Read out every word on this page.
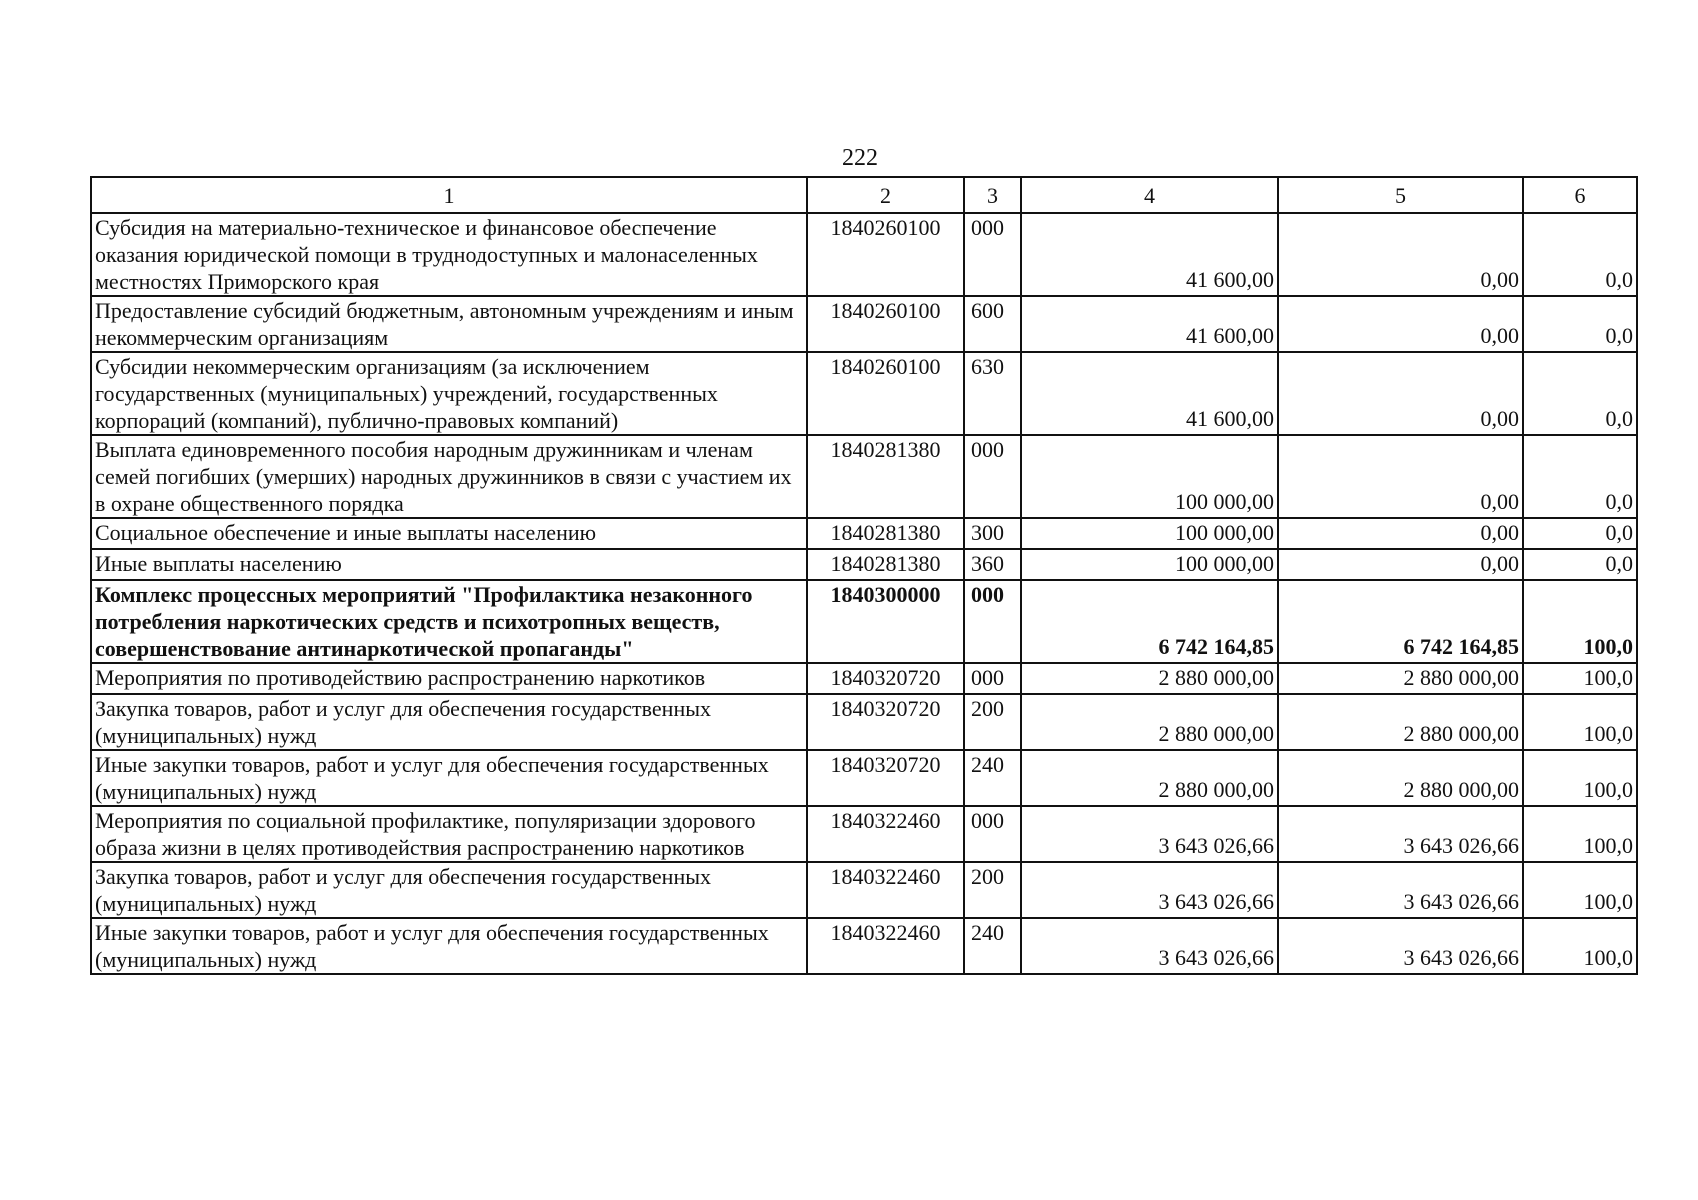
222
1	2	3	4	5	6
Субсидия на материально-техническое и финансовое обеспечение оказания юридической помощи в труднодоступных и малонаселенных местностях Приморского края	1840260100	000	41 600,00	0,00	0,0
Предоставление субсидий бюджетным, автономным учреждениям и иным некоммерческим организациям	1840260100	600	41 600,00	0,00	0,0
Субсидии некоммерческим организациям (за исключением государственных (муниципальных) учреждений, государственных корпораций (компаний), публично-правовых компаний)	1840260100	630	41 600,00	0,00	0,0
Выплата единовременного пособия народным дружинникам и членам семей погибших (умерших) народных дружинников в связи с участием их в охране общественного порядка	1840281380	000	100 000,00	0,00	0,0
Социальное обеспечение и иные выплаты населению	1840281380	300	100 000,00	0,00	0,0
Иные выплаты населению	1840281380	360	100 000,00	0,00	0,0
Комплекс процессных мероприятий "Профилактика незаконного потребления наркотических средств и психотропных веществ, совершенствование антинаркотической пропаганды"	1840300000	000	6 742 164,85	6 742 164,85	100,0
Мероприятия по противодействию распространению наркотиков	1840320720	000	2 880 000,00	2 880 000,00	100,0
Закупка товаров, работ и услуг для обеспечения государственных (муниципальных) нужд	1840320720	200	2 880 000,00	2 880 000,00	100,0
Иные закупки товаров, работ и услуг для обеспечения государственных (муниципальных) нужд	1840320720	240	2 880 000,00	2 880 000,00	100,0
Мероприятия по социальной профилактике, популяризации здорового образа жизни в целях противодействия распространению наркотиков	1840322460	000	3 643 026,66	3 643 026,66	100,0
Закупка товаров, работ и услуг для обеспечения государственных (муниципальных) нужд	1840322460	200	3 643 026,66	3 643 026,66	100,0
Иные закупки товаров, работ и услуг для обеспечения государственных (муниципальных) нужд	1840322460	240	3 643 026,66	3 643 026,66	100,0
